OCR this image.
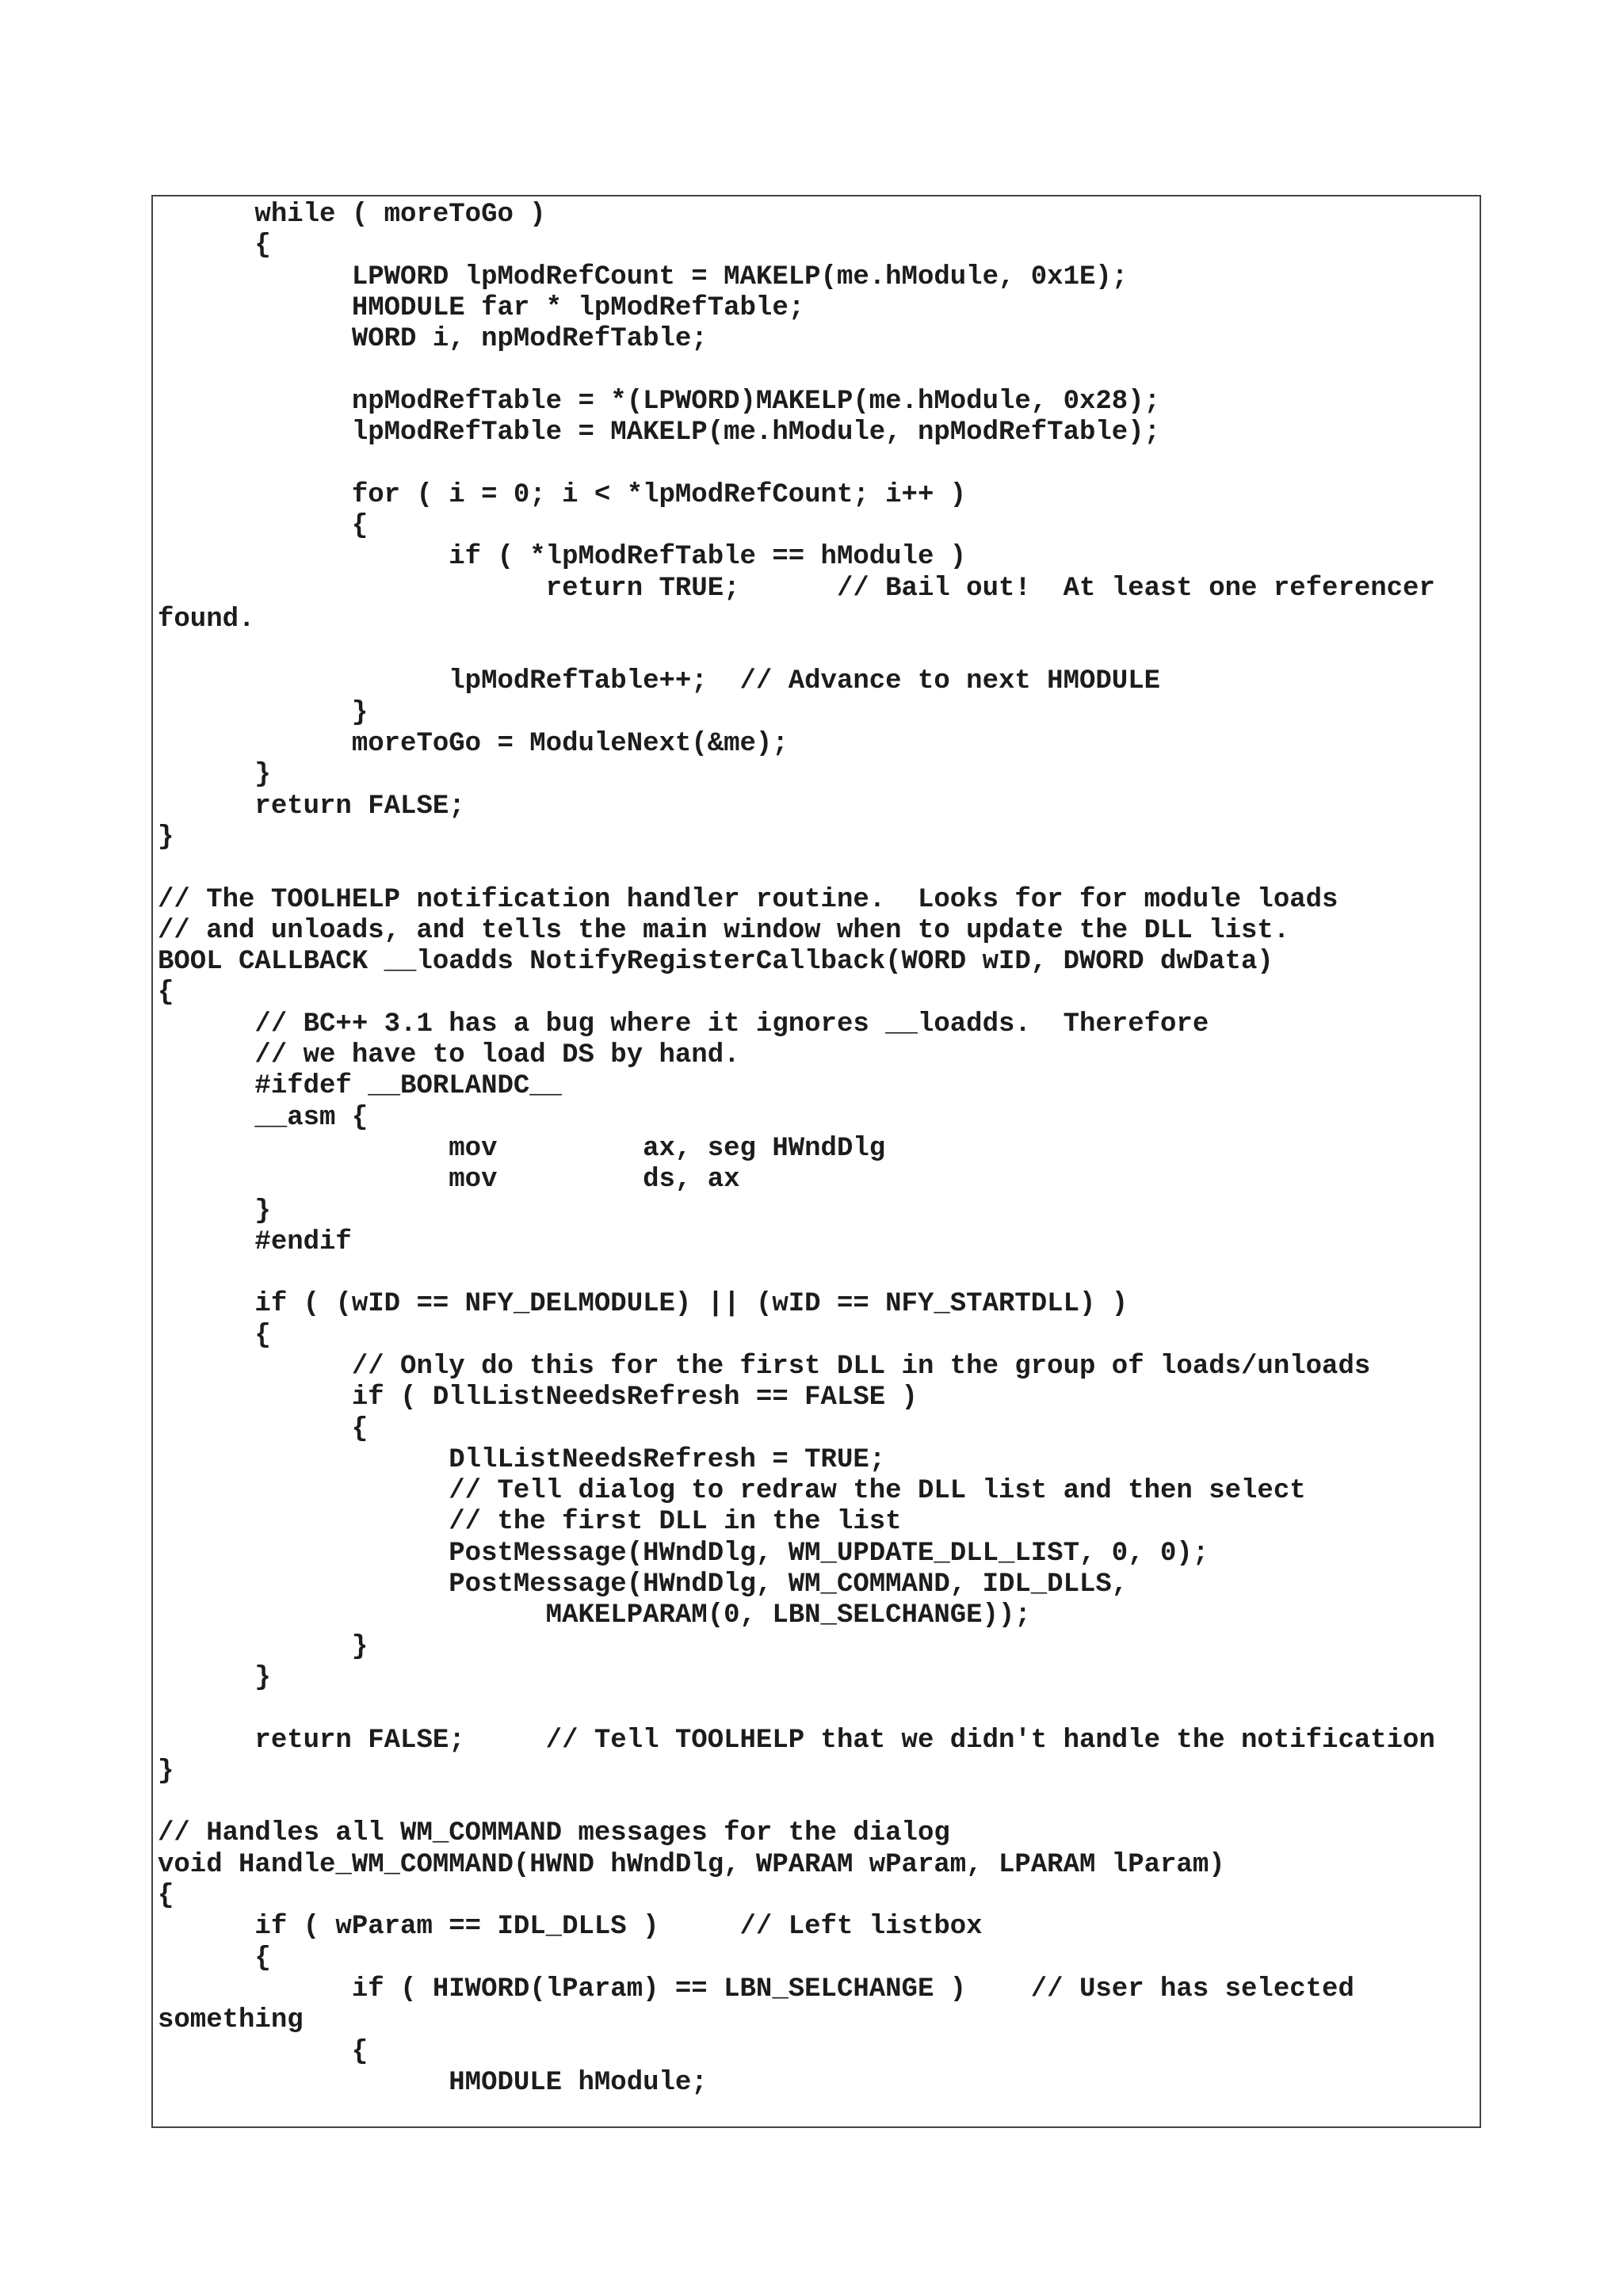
while ( moreToGo )
{
LPWORD lpModRefCount = MAKELP(me.hModule, 0x1E);
HMODULE far * lpModRefTable;
WORD i, npModRefTable;
npModRefTable = *(LPWORD)MAKELP(me.hModule, 0x28);
lpModRefTable = MAKELP(me.hModule, npModRefTable);
for ( i = 0; i < *lpModRefCount; i++ )
{
if ( *lpModRefTable == hModule )
return TRUE;      // Bail out!  At least one referencer
found.
lpModRefTable++;  // Advance to next HMODULE
}
moreToGo = ModuleNext(&me);
}
return FALSE;
}
// The TOOLHELP notification handler routine.  Looks for for module loads
// and unloads, and tells the main window when to update the DLL list.
BOOL CALLBACK __loadds NotifyRegisterCallback(WORD wID, DWORD dwData)
{
// BC++ 3.1 has a bug where it ignores __loadds.  Therefore
// we have to load DS by hand.
#ifdef __BORLANDC__
__asm {
mov         ax, seg HWndDlg
mov         ds, ax
}
#endif
if ( (wID == NFY_DELMODULE) || (wID == NFY_STARTDLL) )
{
// Only do this for the first DLL in the group of loads/unloads
if ( DllListNeedsRefresh == FALSE )
{
DllListNeedsRefresh = TRUE;
// Tell dialog to redraw the DLL list and then select
// the first DLL in the list
PostMessage(HWndDlg, WM_UPDATE_DLL_LIST, 0, 0);
PostMessage(HWndDlg, WM_COMMAND, IDL_DLLS,
MAKELPARAM(0, LBN_SELCHANGE));
}
}
return FALSE;     // Tell TOOLHELP that we didn't handle the notification
}
// Handles all WM_COMMAND messages for the dialog
void Handle_WM_COMMAND(HWND hWndDlg, WPARAM wParam, LPARAM lParam)
{
if ( wParam == IDL_DLLS )     // Left listbox
{
if ( HIWORD(lParam) == LBN_SELCHANGE )    // User has selected
something
{
HMODULE hModule;
